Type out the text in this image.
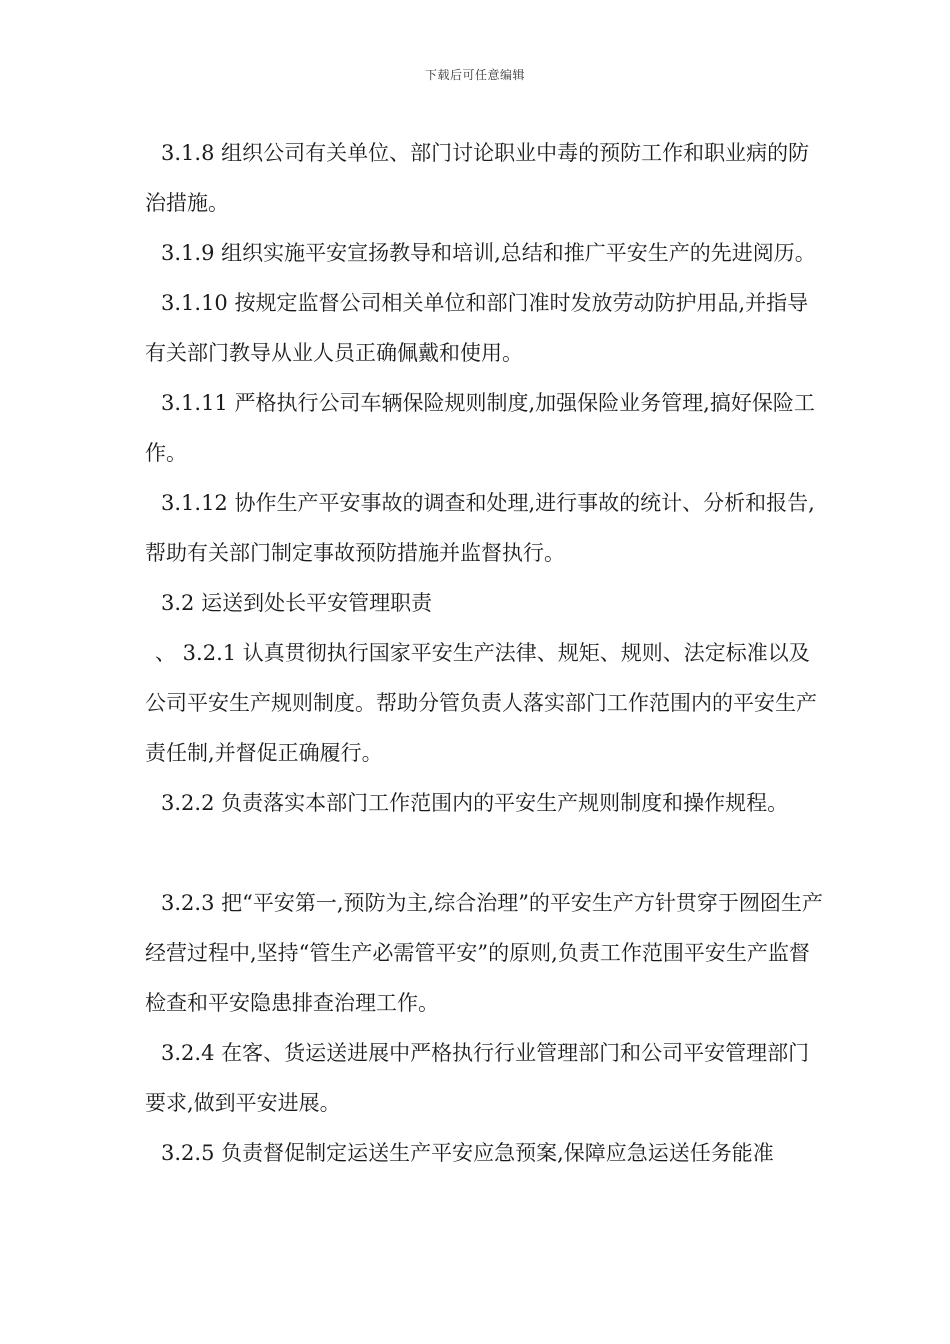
下载后可任意编辑

3.1.8 组织公司有关单位、部门讨论职业中毒的预防工作和职业病的防治措施。

3.1.9 组织实施平安宣扬教导和培训,总结和推广平安生产的先进阅历。

3.1.10 按规定监督公司相关单位和部门准时发放劳动防护用品,并指导有关部门教导从业人员正确佩戴和使用。

3.1.11 严格执行公司车辆保险规则制度,加强保险业务管理,搞好保险工作。

3.1.12 协作生产平安事故的调查和处理,进行事故的统计、分析和报告,帮助有关部门制定事故预防措施并监督执行。

3.2 运送到处长平安管理职责

、 3.2.1 认真贯彻执行国家平安生产法律、规矩、规则、法定标准以及公司平安生产规则制度。帮助分管负责人落实部门工作范围内的平安生产责任制,并督促正确履行。

3.2.2 负责落实本部门工作范围内的平安生产规则制度和操作规程。

3.2.3 把“平安第一,预防为主,综合治理”的平安生产方针贯穿于囫囵生产经营过程中,坚持“管生产必需管平安”的原则,负责工作范围平安生产监督检查和平安隐患排查治理工作。

3.2.4 在客、货运送进展中严格执行行业管理部门和公司平安管理部门要求,做到平安进展。

3.2.5 负责督促制定运送生产平安应急预案,保障应急运送任务能准
